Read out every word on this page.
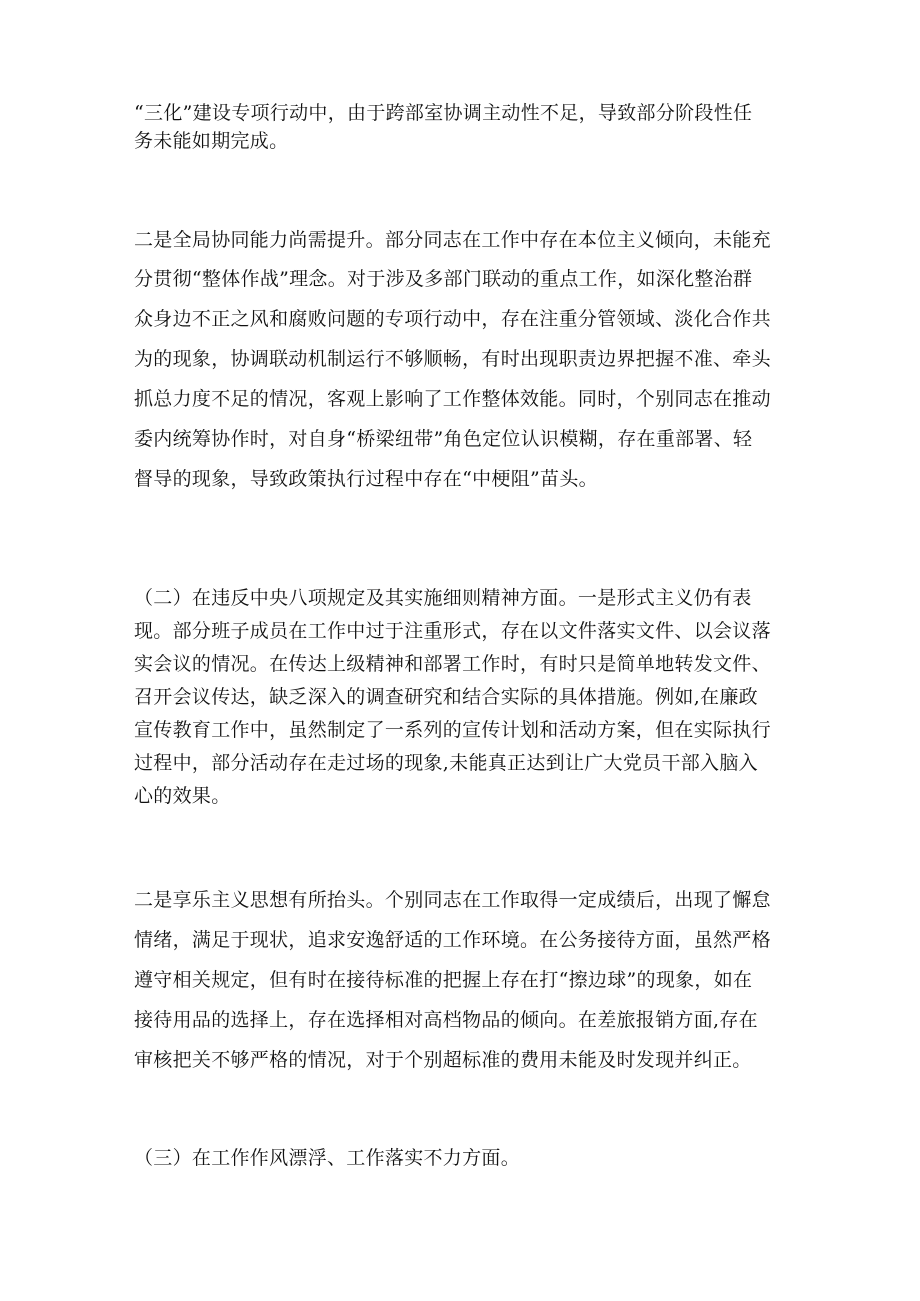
“三化”建设专项行动中，由于跨部室协调主动性不足，导致部分阶段性任

务未能如期完成。

二是全局协同能力尚需提升。部分同志在工作中存在本位主义倾向，未能充

分贯彻“整体作战”理念。对于涉及多部门联动的重点工作，如深化整治群

众身边不正之风和腐败问题的专项行动中，存在注重分管领域、淡化合作共

为的现象，协调联动机制运行不够顺畅，有时出现职责边界把握不准、牵头

抓总力度不足的情况，客观上影响了工作整体效能。同时，个别同志在推动

委内统筹协作时，对自身“桥梁纽带”角色定位认识模糊，存在重部署、轻

督导的现象，导致政策执行过程中存在“中梗阻”苗头。

（二）在违反中央八项规定及其实施细则精神方面。一是形式主义仍有表

现。部分班子成员在工作中过于注重形式，存在以文件落实文件、以会议落

实会议的情况。在传达上级精神和部署工作时，有时只是简单地转发文件、

召开会议传达，缺乏深入的调查研究和结合实际的具体措施。例如,在廉政

宣传教育工作中，虽然制定了一系列的宣传计划和活动方案，但在实际执行

过程中，部分活动存在走过场的现象,未能真正达到让广大党员干部入脑入

心的效果。

二是享乐主义思想有所抬头。个别同志在工作取得一定成绩后，出现了懈怠

情绪，满足于现状，追求安逸舒适的工作环境。在公务接待方面，虽然严格

遵守相关规定，但有时在接待标准的把握上存在打“擦边球”的现象，如在

接待用品的选择上，存在选择相对高档物品的倾向。在差旅报销方面,存在

审核把关不够严格的情况，对于个别超标准的费用未能及时发现并纠正。

（三）在工作作风漂浮、工作落实不力方面。
